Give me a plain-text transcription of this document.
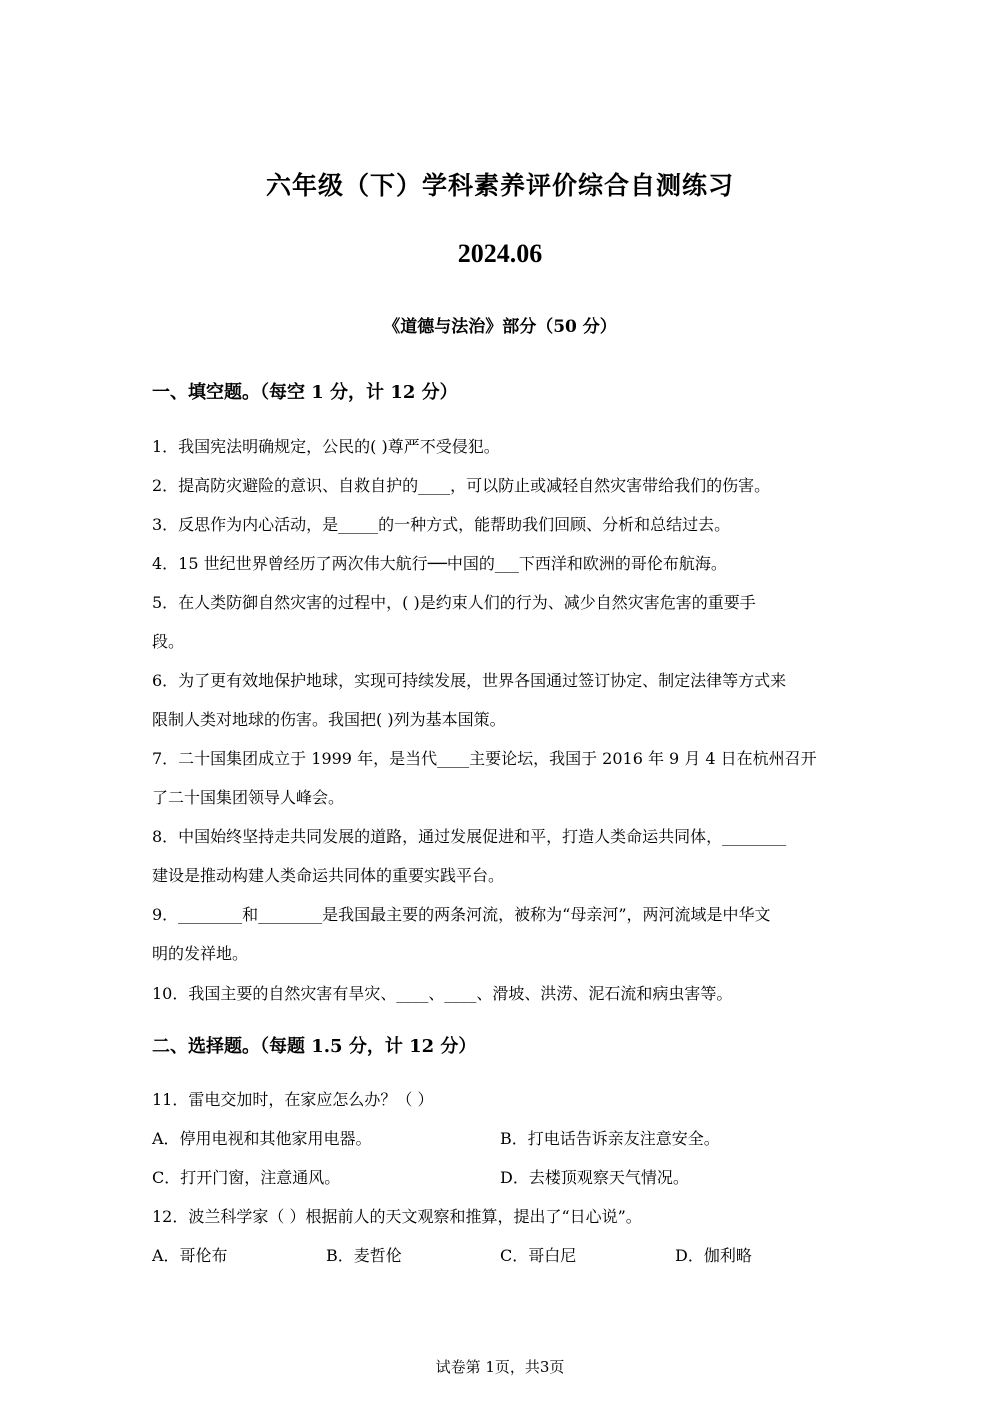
六年级（下）学科素养评价综合自测练习
2024.06
《道德与法治》部分（50 分）
一、填空题。（每空 1 分，计 12 分）
1．我国宪法明确规定，公民的( )尊严不受侵犯。
2．提高防灾避险的意识、自救自护的____，可以防止或减轻自然灾害带给我们的伤害。
3．反思作为内心活动，是_____的一种方式，能帮助我们回顾、分析和总结过去。
4．15 世纪世界曾经历了两次伟大航行──中国的___下西洋和欧洲的哥伦布航海。
5．在人类防御自然灾害的过程中，( )是约束人们的行为、减少自然灾害危害的重要手
段。
6．为了更有效地保护地球，实现可持续发展，世界各国通过签订协定、制定法律等方式来
限制人类对地球的伤害。我国把( )列为基本国策。
7．二十国集团成立于 1999 年，是当代____主要论坛，我国于 2016 年 9 月 4 日在杭州召开
了二十国集团领导人峰会。
8．中国始终坚持走共同发展的道路，通过发展促进和平，打造人类命运共同体，________
建设是推动构建人类命运共同体的重要实践平台。
9．________和________是我国最主要的两条河流，被称为“母亲河”，两河流域是中华文
明的发祥地。
10．我国主要的自然灾害有旱灾、____、____、滑坡、洪涝、泥石流和病虫害等。
二、选择题。（每题 1.5 分，计 12 分）
11．雷电交加时，在家应怎么办？（ ）
A．停用电视和其他家用电器。	B．打电话告诉亲友注意安全。
C．打开门窗，注意通风。	D．去楼顶观察天气情况。
12．波兰科学家（ ）根据前人的天文观察和推算，提出了“日心说”。
A．哥伦布	B．麦哲伦	C．哥白尼	D．伽利略
试卷第 1页，共3页
